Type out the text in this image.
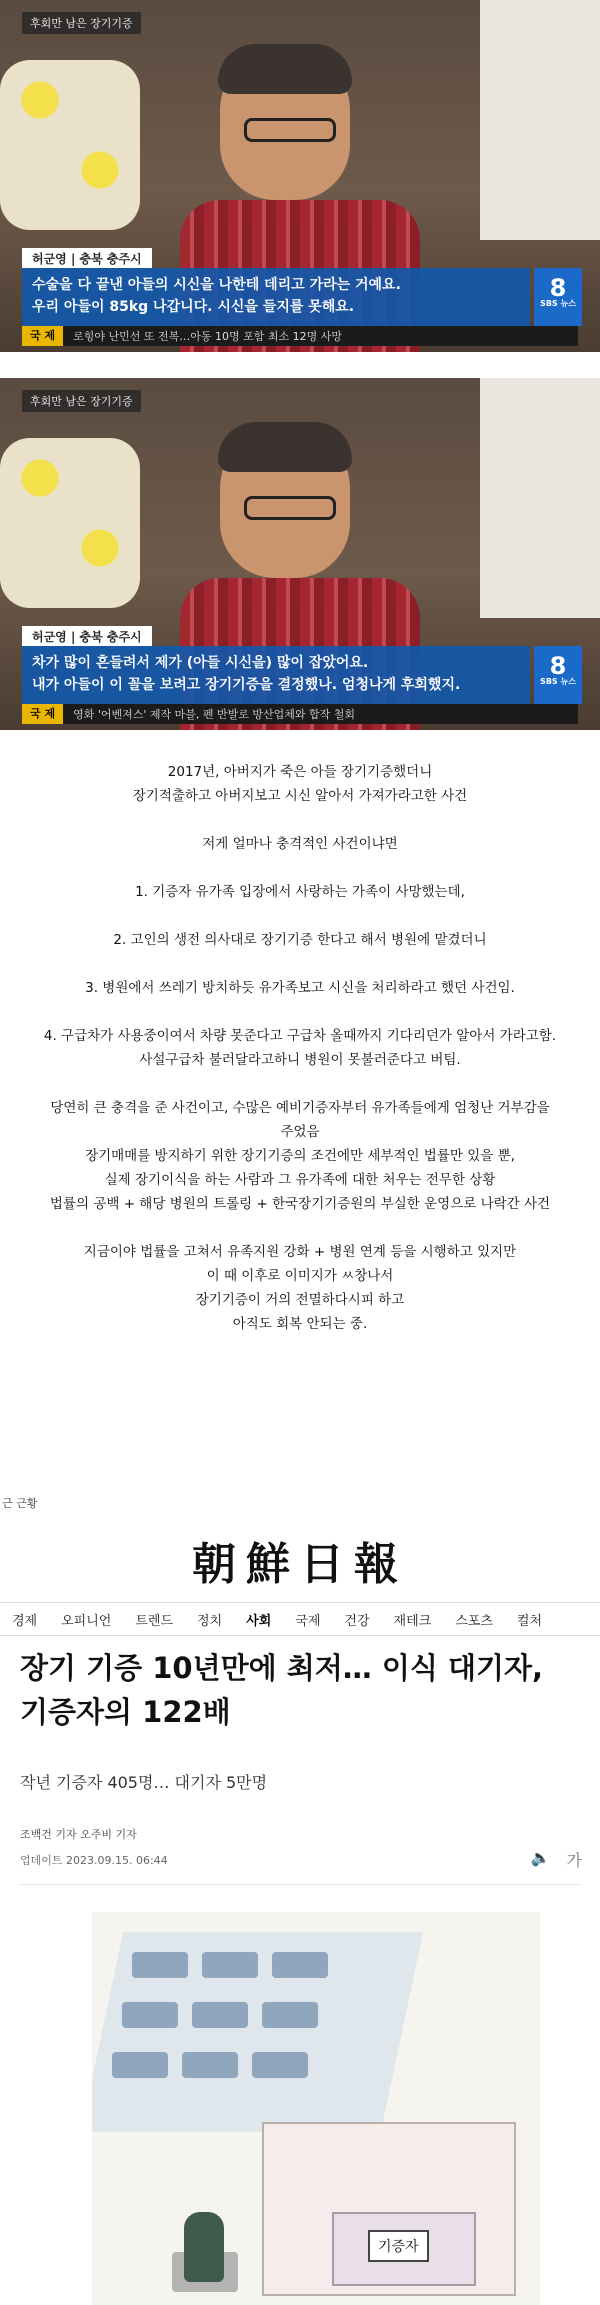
후회만 남은 장기기증
허군영 | 충북 충주시
수술을 다 끝낸 아들의 시신을 나한테 데리고 가라는 거예요.
우리 아들이 85kg 나갑니다. 시신을 들지를 못해요.
8
SBS 뉴스
국 제	로힝야 난민선 또 전복…아동 10명 포함 최소 12명 사망
후회만 남은 장기기증
허군영 | 충북 충주시
차가 많이 흔들려서 제가 (아들 시신을) 많이 잡았어요.
내가 아들이 이 꼴을 보려고 장기기증을 결정했나. 엄청나게 후회했지.
8
SBS 뉴스
국 제	영화 '어벤져스' 제작 마블, 펜 반발로 방산업체와 합작 철회

2017년, 아버지가 죽은 아들 장기기증했더니

장기적출하고 아버지보고 시신 알아서 가져가라고한 사건

저게 얼마나 충격적인 사건이냐면

1. 기증자 유가족 입장에서 사랑하는 가족이 사망했는데,

2. 고인의 생전 의사대로 장기기증 한다고 해서 병원에 맡겼더니

3. 병원에서 쓰레기 방치하듯 유가족보고 시신을 처리하라고 했던 사건임.

4. 구급차가 사용중이여서 차량 못준다고 구급차 올때까지 기다리던가 알아서 가라고함.

사설구급차 불러달라고하니 병원이 못불러준다고 버팀.

당연히 큰 충격을 준 사건이고, 수많은 예비기증자부터 유가족들에게 엄청난 거부감을

주었음

장기매매를 방지하기 위한 장기기증의 조건에만 세부적인 법률만 있을 뿐,

실제 장기이식을 하는 사람과 그 유가족에 대한 처우는 전무한 상황

법률의 공백 + 해당 병원의 트롤링 + 한국장기기증원의 부실한 운영으로 나락간 사건

지금이야 법률을 고쳐서 유족지원 강화 + 병원 연계 등을 시행하고 있지만

이 때 이후로 이미지가 ㅆ창나서

장기기증이 거의 전멸하다시피 하고

아직도 회복 안되는 중.

근 근황
朝鮮日報
경제	오피니언	트렌드	정치	사회	국제	건강	재테크	스포츠	컬처
장기 기증 10년만에 최저… 이식 대기자, 기증자의 122배
작년 기증자 405명… 대기자 5만명
조백건 기자 오주비 기자
업데이트 2023.09.15. 06:44	🔈 가
기증자
